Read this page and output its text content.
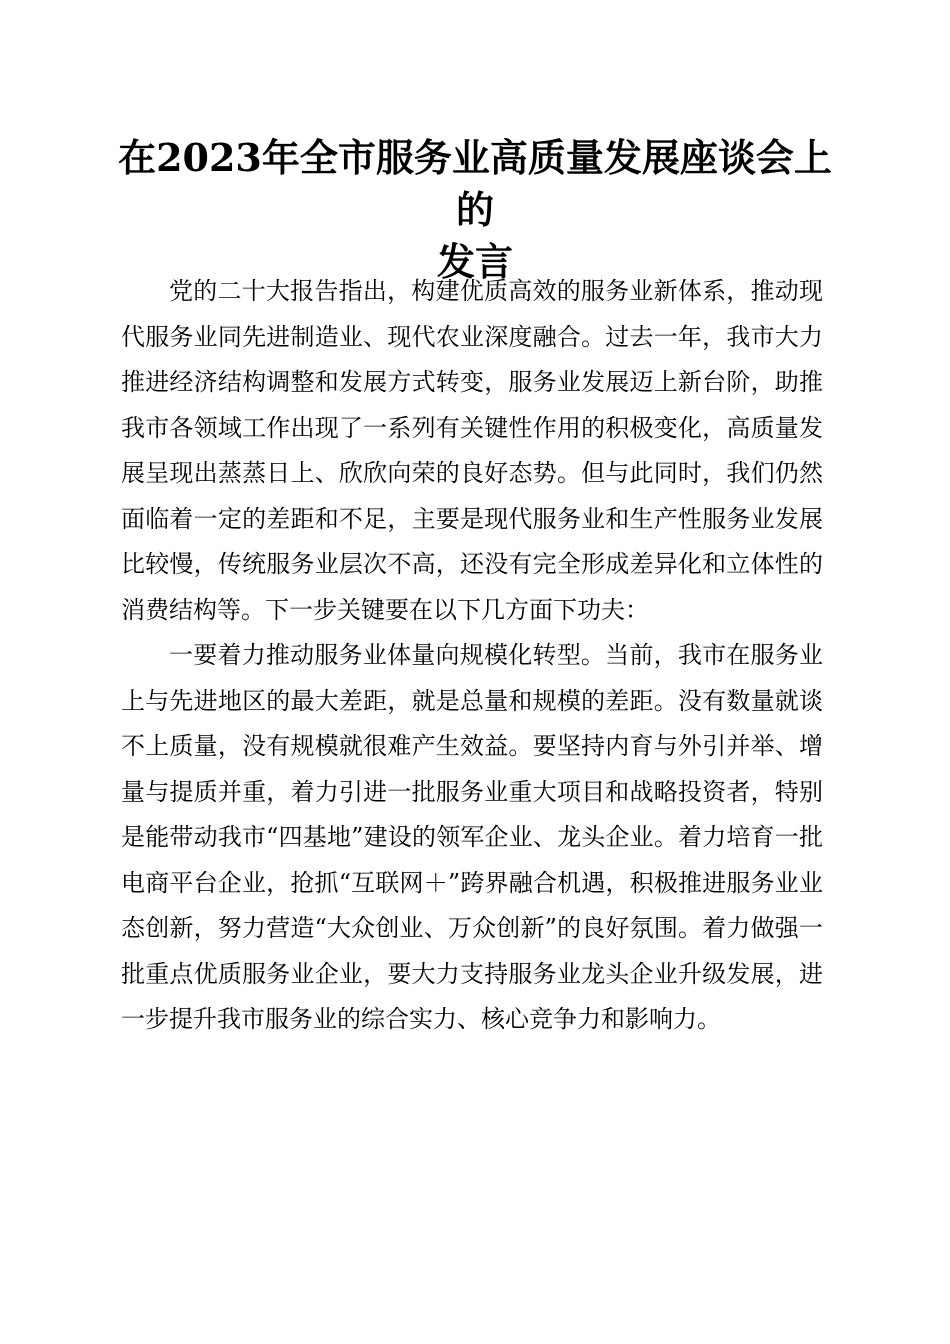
在2023年全市服务业高质量发展座谈会上的
发言

党的二十大报告指出，构建优质高效的服务业新体系，推动现代服务业同先进制造业、现代农业深度融合。过去一年，我市大力推进经济结构调整和发展方式转变，服务业发展迈上新台阶，助推我市各领域工作出现了一系列有关键性作用的积极变化，高质量发展呈现出蒸蒸日上、欣欣向荣的良好态势。但与此同时，我们仍然面临着一定的差距和不足，主要是现代服务业和生产性服务业发展比较慢，传统服务业层次不高，还没有完全形成差异化和立体性的消费结构等。下一步关键要在以下几方面下功夫：

一要着力推动服务业体量向规模化转型。当前，我市在服务业上与先进地区的最大差距，就是总量和规模的差距。没有数量就谈不上质量，没有规模就很难产生效益。要坚持内育与外引并举、增量与提质并重，着力引进一批服务业重大项目和战略投资者，特别是能带动我市“四基地”建设的领军企业、龙头企业。着力培育一批电商平台企业，抢抓“互联网＋”跨界融合机遇，积极推进服务业业态创新，努力营造“大众创业、万众创新”的良好氛围。着力做强一批重点优质服务业企业，要大力支持服务业龙头企业升级发展，进一步提升我市服务业的综合实力、核心竞争力和影响力。
